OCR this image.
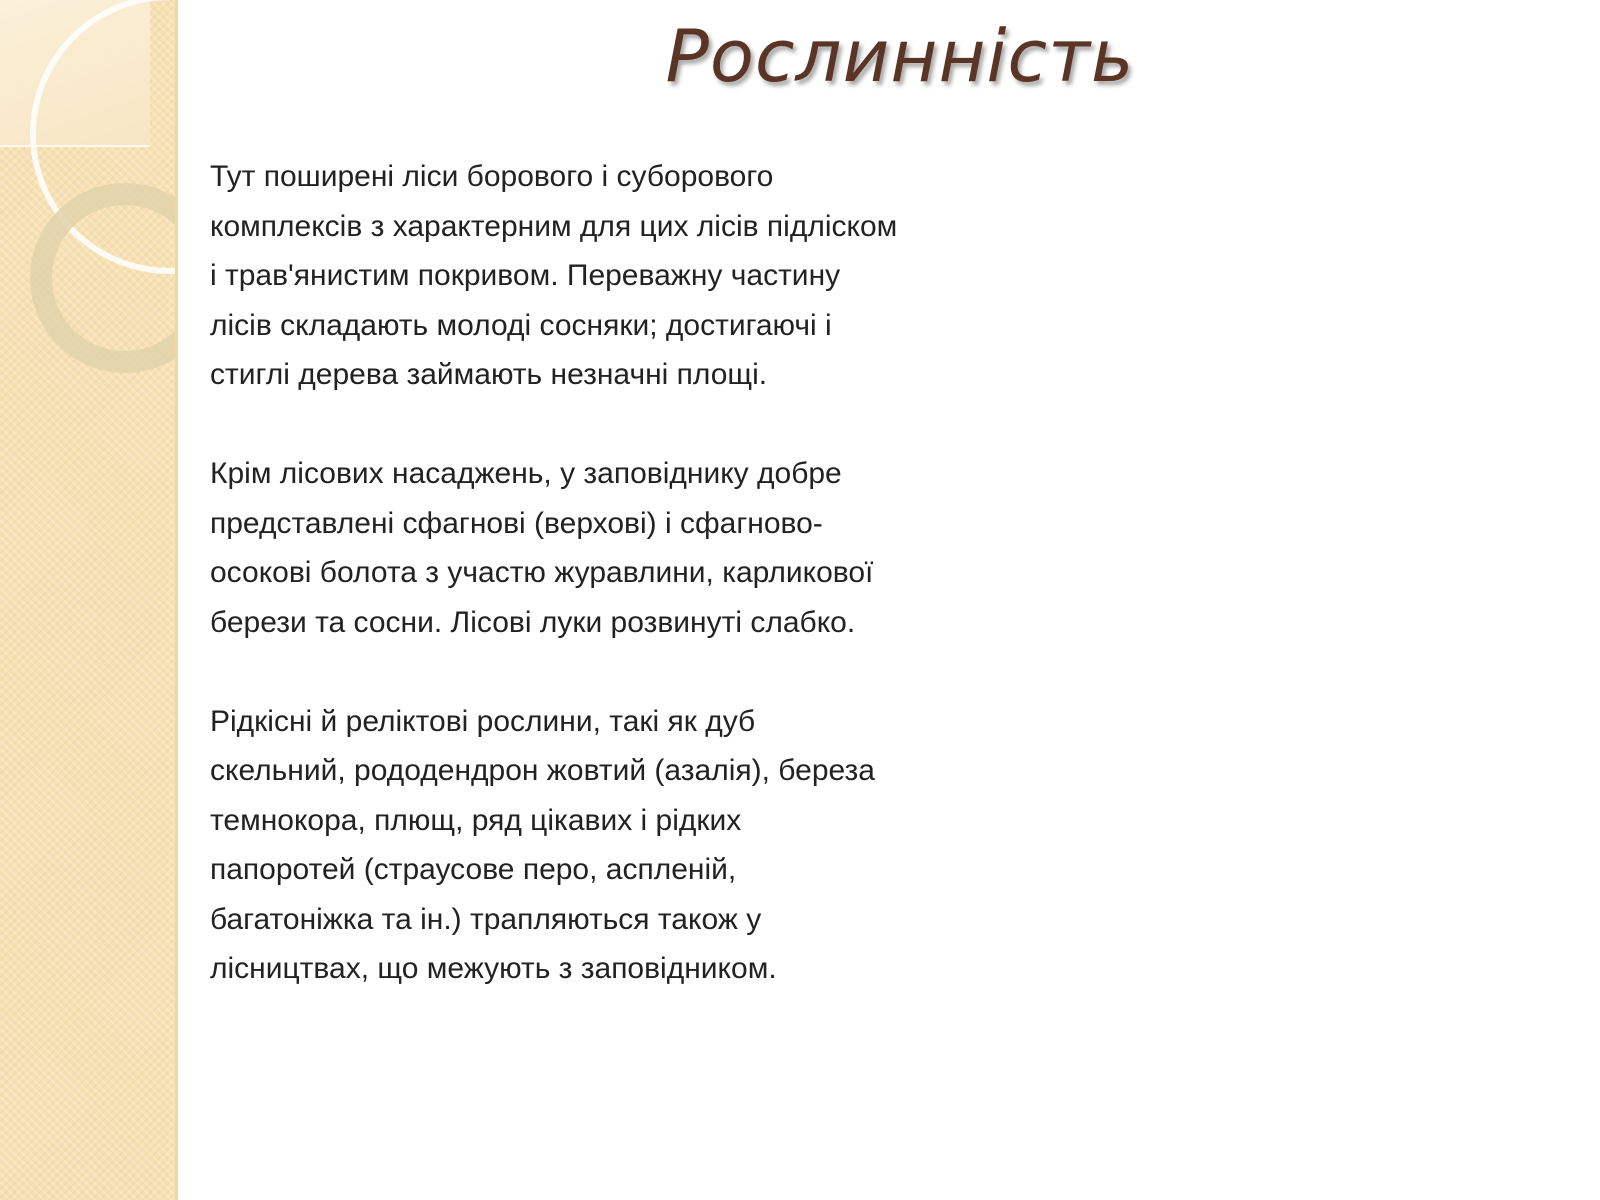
Рослинність

Тут поширені ліси борового і суборового
комплексів з характерним для цих лісів підліском
і трав'янистим покривом. Переважну частину
лісів складають молоді сосняки; достигаючі і
стиглі дерева займають незначні площі.

Крім лісових насаджень, у заповіднику добре
представлені сфагнові (верхові) і сфагново-
осокові болота з участю журавлини, карликової
берези та сосни. Лісові луки розвинуті слабко.

Рідкісні й реліктові рослини, такі як дуб
скельний, рододендрон жовтий (азалія), береза
темнокора, плющ, ряд цікавих і рідких
папоротей (страусове перо, аспленій,
багатоніжка та ін.) трапляються також у
лісництвах, що межують з заповідником.
